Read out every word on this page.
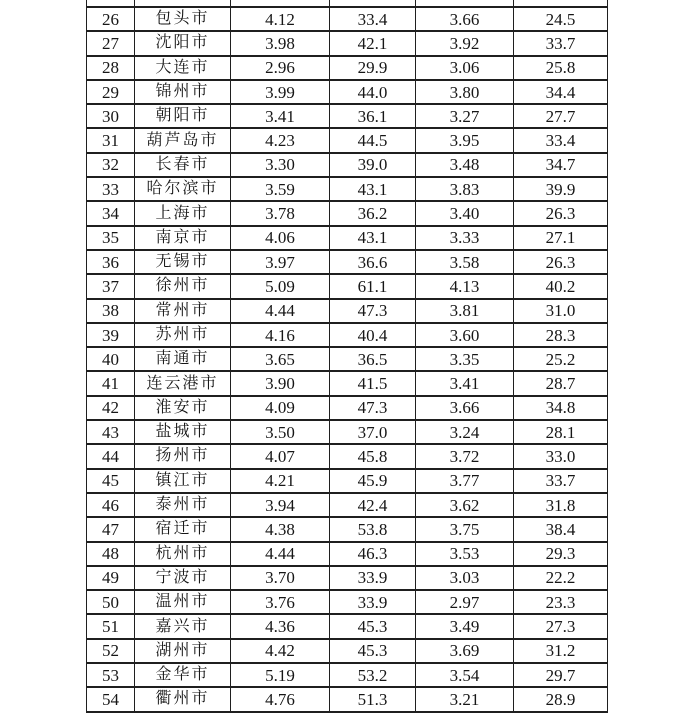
26	包头市	4.12	33.4	3.66	24.5
27	沈阳市	3.98	42.1	3.92	33.7
28	大连市	2.96	29.9	3.06	25.8
29	锦州市	3.99	44.0	3.80	34.4
30	朝阳市	3.41	36.1	3.27	27.7
31	葫芦岛市	4.23	44.5	3.95	33.4
32	长春市	3.30	39.0	3.48	34.7
33	哈尔滨市	3.59	43.1	3.83	39.9
34	上海市	3.78	36.2	3.40	26.3
35	南京市	4.06	43.1	3.33	27.1
36	无锡市	3.97	36.6	3.58	26.3
37	徐州市	5.09	61.1	4.13	40.2
38	常州市	4.44	47.3	3.81	31.0
39	苏州市	4.16	40.4	3.60	28.3
40	南通市	3.65	36.5	3.35	25.2
41	连云港市	3.90	41.5	3.41	28.7
42	淮安市	4.09	47.3	3.66	34.8
43	盐城市	3.50	37.0	3.24	28.1
44	扬州市	4.07	45.8	3.72	33.0
45	镇江市	4.21	45.9	3.77	33.7
46	泰州市	3.94	42.4	3.62	31.8
47	宿迁市	4.38	53.8	3.75	38.4
48	杭州市	4.44	46.3	3.53	29.3
49	宁波市	3.70	33.9	3.03	22.2
50	温州市	3.76	33.9	2.97	23.3
51	嘉兴市	4.36	45.3	3.49	27.3
52	湖州市	4.42	45.3	3.69	31.2
53	金华市	5.19	53.2	3.54	29.7
54	衢州市	4.76	51.3	3.21	28.9
